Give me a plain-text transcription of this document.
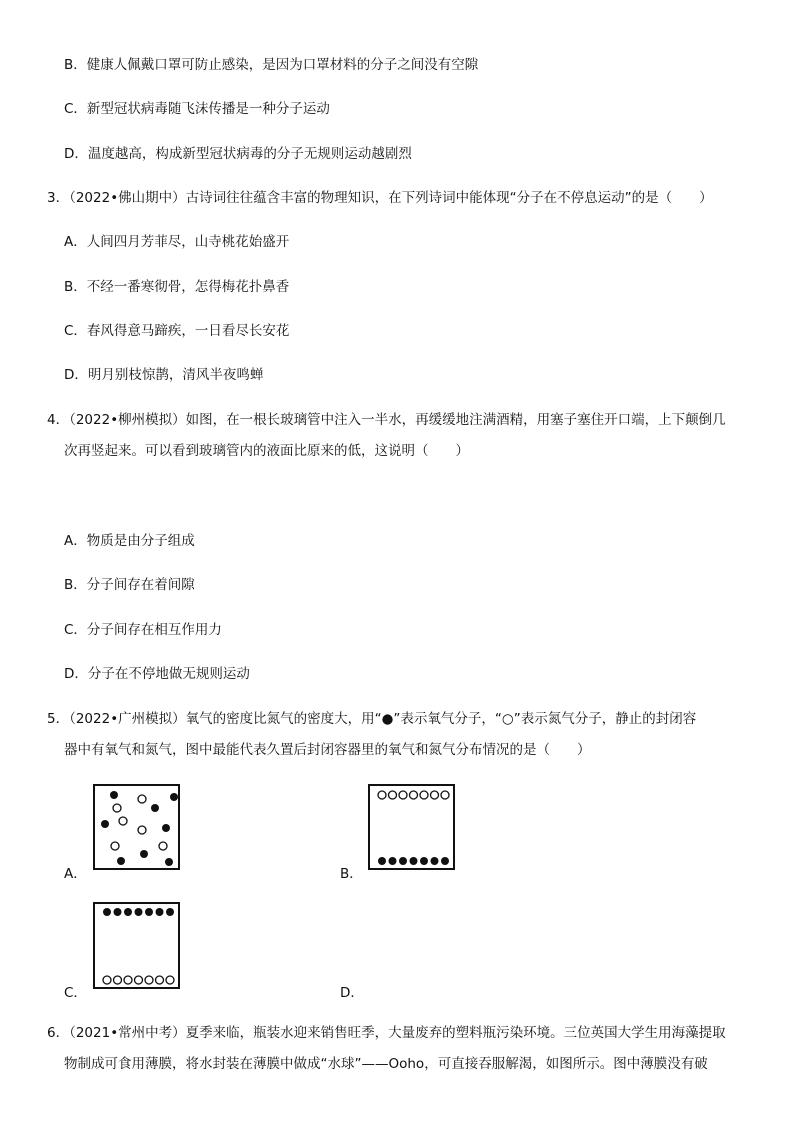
B．健康人佩戴口罩可防止感染，是因为口罩材料的分子之间没有空隙
C．新型冠状病毒随飞沫传播是一种分子运动
D．温度越高，构成新型冠状病毒的分子无规则运动越剧烈
3．（2022•佛山期中）古诗词往往蕴含丰富的物理知识，在下列诗词中能体现“分子在不停息运动”的是（　　）
A．人间四月芳菲尽，山寺桃花始盛开
B．不经一番寒彻骨，怎得梅花扑鼻香
C．春风得意马蹄疾，一日看尽长安花
D．明月别枝惊鹊，清风半夜鸣蝉
4．（2022•柳州模拟）如图，在一根长玻璃管中注入一半水，再缓缓地注满酒精，用塞子塞住开口端，上下颠倒几
次再竖起来。可以看到玻璃管内的液面比原来的低，这说明（　　）
A．物质是由分子组成
B．分子间存在着间隙
C．分子间存在相互作用力
D．分子在不停地做无规则运动
5．（2022•广州模拟）氧气的密度比氮气的密度大，用“●”表示氧气分子，“○”表示氮气分子，静止的封闭容
器中有氧气和氮气，图中最能代表久置后封闭容器里的氧气和氮气分布情况的是（　　）
A．	B．
C．	D．
6．（2021•常州中考）夏季来临，瓶装水迎来销售旺季，大量废弃的塑料瓶污染环境。三位英国大学生用海藻提取
物制成可食用薄膜，将水封装在薄膜中做成“水球”——Ooho，可直接吞服解渴，如图所示。图中薄膜没有破
